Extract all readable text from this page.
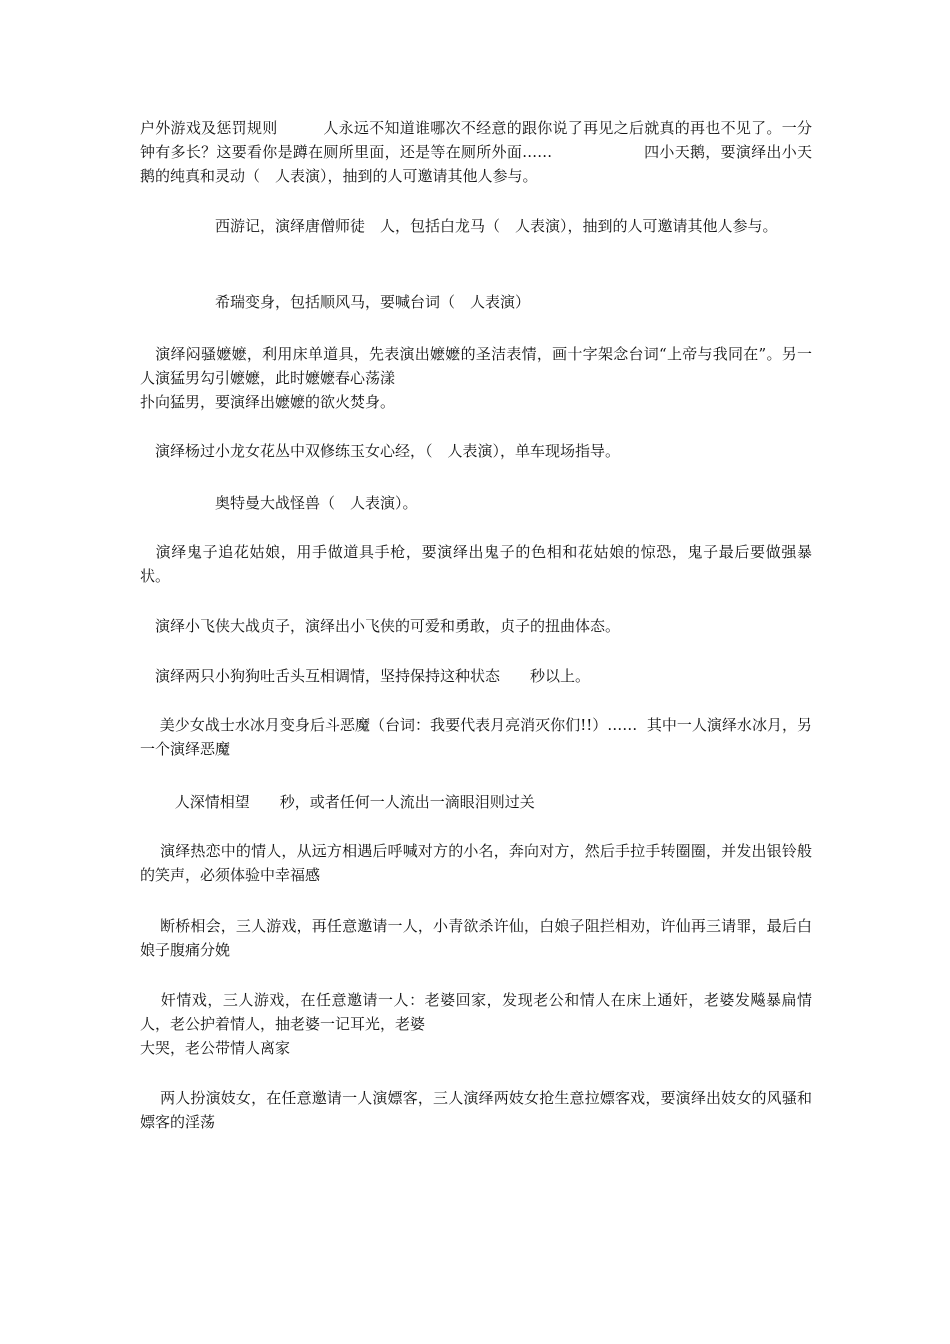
户外游戏及惩罚规则　　　人永远不知道谁哪次不经意的跟你说了再见之后就真的再也不见了。一分钟有多长？这要看你是蹲在厕所里面，还是等在厕所外面……　　　　　　四小天鹅，要演绎出小天鹅的纯真和灵动（　人表演），抽到的人可邀请其他人参与。

　　　　　西游记，演绎唐僧师徒　人，包括白龙马（　人表演），抽到的人可邀请其他人参与。

　　　　　希瑞变身，包括顺风马，要喊台词（　人表演）

　演绎闷骚嬷嬷，利用床单道具，先表演出嬷嬷的圣洁表情，画十字架念台词“上帝与我同在”。另一人演猛男勾引嬷嬷，此时嬷嬷春心荡漾
扑向猛男，要演绎出嬷嬷的欲火焚身。

　演绎杨过小龙女花丛中双修练玉女心经，（　人表演），单车现场指导。

　　　　　奥特曼大战怪兽（　人表演）。

　演绎鬼子追花姑娘，用手做道具手枪，要演绎出鬼子的色相和花姑娘的惊恐，鬼子最后要做强暴状。

　演绎小飞侠大战贞子，演绎出小飞侠的可爱和勇敢，贞子的扭曲体态。

　演绎两只小狗狗吐舌头互相调情，坚持保持这种状态　　秒以上。

　 美少女战士水冰月变身后斗恶魔（台词：我要代表月亮消灭你们!!）……  其中一人演绎水冰月，另一个演绎恶魔

　　 人深情相望　　秒，或者任何一人流出一滴眼泪则过关

　 演绎热恋中的情人，从远方相遇后呼喊对方的小名，奔向对方，然后手拉手转圈圈，并发出银铃般的笑声，必须体验中幸福感

　 断桥相会，三人游戏，再任意邀请一人，小青欲杀许仙，白娘子阻拦相劝，许仙再三请罪，最后白娘子腹痛分娩

　 奸情戏，三人游戏，在任意邀请一人：老婆回家，发现老公和情人在床上通奸，老婆发飚暴扁情人，老公护着情人，抽老婆一记耳光，老婆
大哭，老公带情人离家

　 两人扮演妓女，在任意邀请一人演嫖客，三人演绎两妓女抢生意拉嫖客戏，要演绎出妓女的风骚和嫖客的淫荡
